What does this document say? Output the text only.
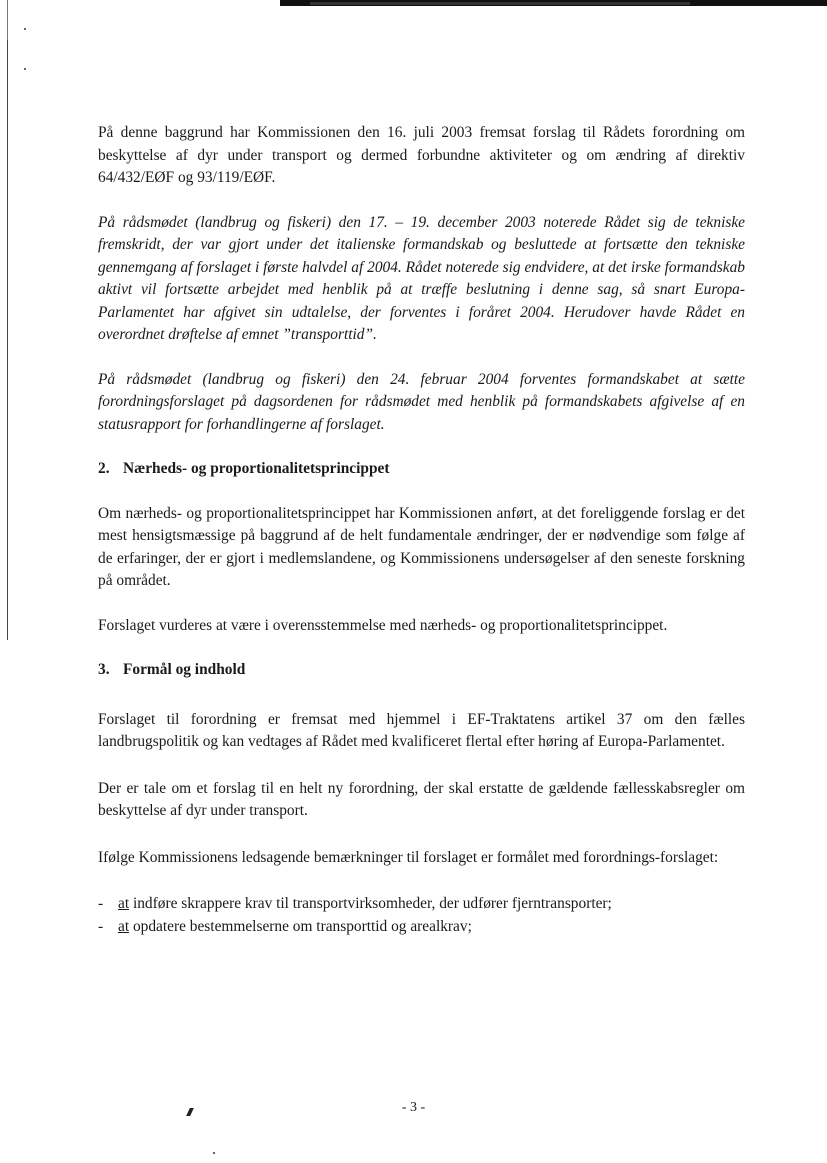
På denne baggrund har Kommissionen den 16. juli 2003 fremsat forslag til Rådets forordning om beskyttelse af dyr under transport og dermed forbundne aktiviteter og om ændring af direktiv 64/432/EØF og 93/119/EØF.

På rådsmødet (landbrug og fiskeri) den 17. – 19. december 2003 noterede Rådet sig de tekniske fremskridt, der var gjort under det italienske formandskab og besluttede at fortsætte den tekniske gennemgang af forslaget i første halvdel af 2004. Rådet noterede sig endvidere, at det irske formandskab aktivt vil fortsætte arbejdet med henblik på at træffe beslutning i denne sag, så snart Europa-Parlamentet har afgivet sin udtalelse, der forventes i foråret 2004. Herudover havde Rådet en overordnet drøftelse af emnet ”transporttid”.

På rådsmødet (landbrug og fiskeri) den 24. februar 2004 forventes formandskabet at sætte forordningsforslaget på dagsordenen for rådsmødet med henblik på formandskabets afgivelse af en statusrapport for forhandlingerne af forslaget.

2. Nærheds- og proportionalitetsprincippet

Om nærheds- og proportionalitetsprincippet har Kommissionen anført, at det foreliggende forslag er det mest hensigtsmæssige på baggrund af de helt fundamentale ændringer, der er nødvendige som følge af de erfaringer, der er gjort i medlemslandene, og Kommissionens undersøgelser af den seneste forskning på området.

Forslaget vurderes at være i overensstemmelse med nærheds- og proportionalitetsprincippet.

3. Formål og indhold

Forslaget til forordning er fremsat med hjemmel i EF-Traktatens artikel 37 om den fælles landbrugspolitik og kan vedtages af Rådet med kvalificeret flertal efter høring af Europa-Parlamentet.

Der er tale om et forslag til en helt ny forordning, der skal erstatte de gældende fællesskabsregler om beskyttelse af dyr under transport.

Ifølge Kommissionens ledsagende bemærkninger til forslaget er formålet med forordnings-forslaget:

- at indføre skrappere krav til transportvirksomheder, der udfører fjerntransporter;

- at opdatere bestemmelserne om transporttid og arealkrav;

- 3 -
